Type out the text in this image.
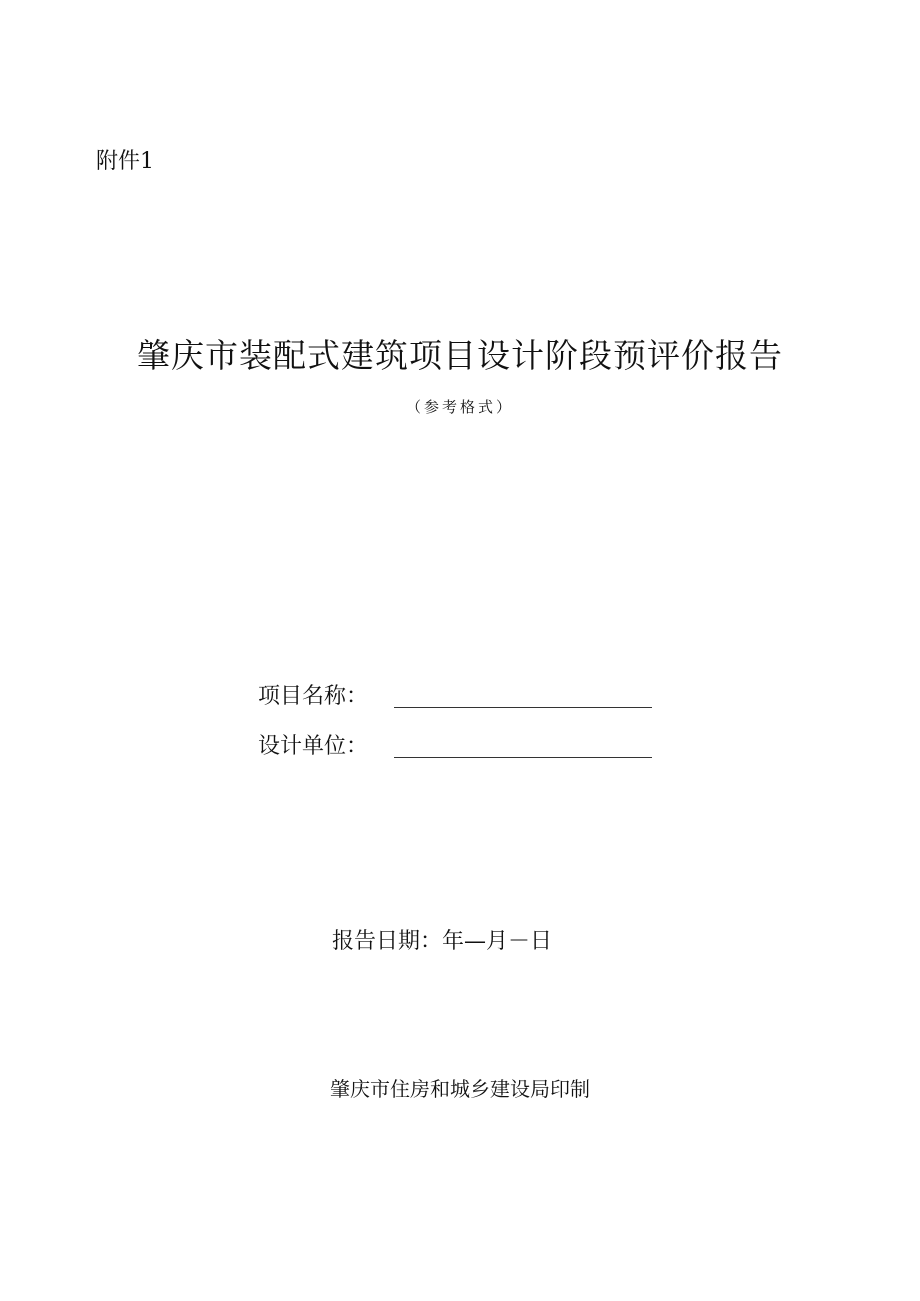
附件1
肇庆市装配式建筑项目设计阶段预评价报告
（参考格式）
项目名称：
设计单位：
报告日期：年—月－日
肇庆市住房和城乡建设局印制
